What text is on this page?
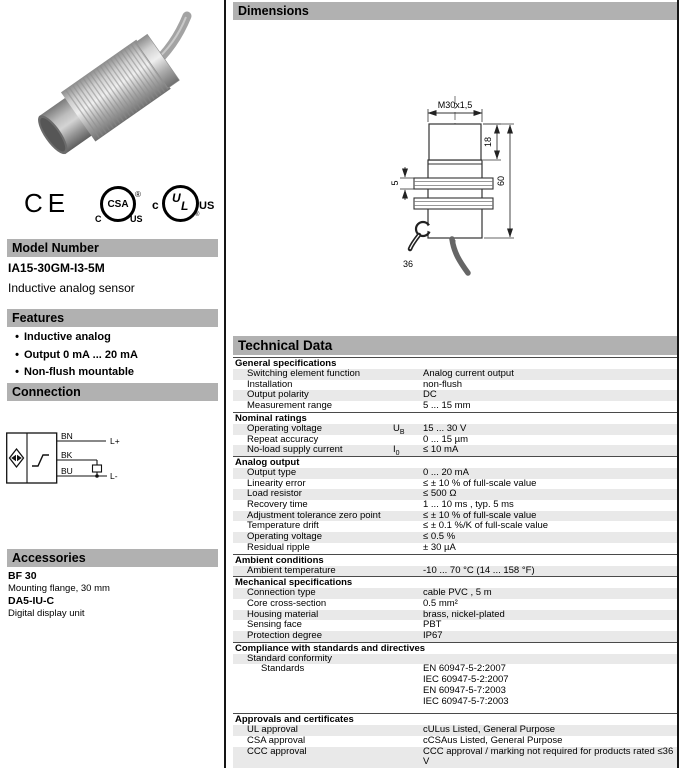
CE	®
CSA
C	US
c U
L
®
US
Model Number
IA15-30GM-I3-5M
Inductive analog sensor
Features
• Inductive analog
• Output 0 mA ... 20 mA
• Non-flush mountable
Connection
BN
BK
BU
L+
L-
Accessories
BF 30
Mounting flange, 30 mm
DA5-IU-C
Digital display unit
Dimensions
M30x1,5
18
60
5
36
Technical Data
General specifications
Switching element function	Analog current output
Installation	non-flush
Output polarity	DC
Measurement range	5 ... 15 mm
Nominal ratings
Operating voltage	$U_B$ 15 ... 30 V
Repeat accuracy	0 ... 15 µm
No-load supply current	$I_0 \le 10$ mA
Analog output
Output type	0 ... 20 mA
Linearity error	≤ ± 10 % of full-scale value
Load resistor	≤ 500 Ω
Recovery time	1 ... 10 ms , typ. 5 ms
Adjustment tolerance zero point	≤ ± 10 % of full-scale value
Temperature drift	≤ ± 0.1 %/K of full-scale value
Operating voltage	≤ 0.5 %
Residual ripple	± 30 µA
Ambient conditions
Ambient temperature	-10 ... 70 °C (14 ... 158 °F)
Mechanical specifications
Connection type	cable PVC , 5 m
Core cross-section	0.5 mm²
Housing material	brass, nickel-plated
Sensing face	PBT
Protection degree	IP67
Compliance with standards and directives
Standard conformity
Standards	EN 60947-5-2:2007
IEC 60947-5-2:2007
EN 60947-5-7:2003
IEC 60947-5-7:2003
Approvals and certificates
UL approval	cULus Listed, General Purpose
CSA approval	cCSAus Listed, General Purpose
CCC approval	CCC approval / marking not required for products rated ≤36 V
